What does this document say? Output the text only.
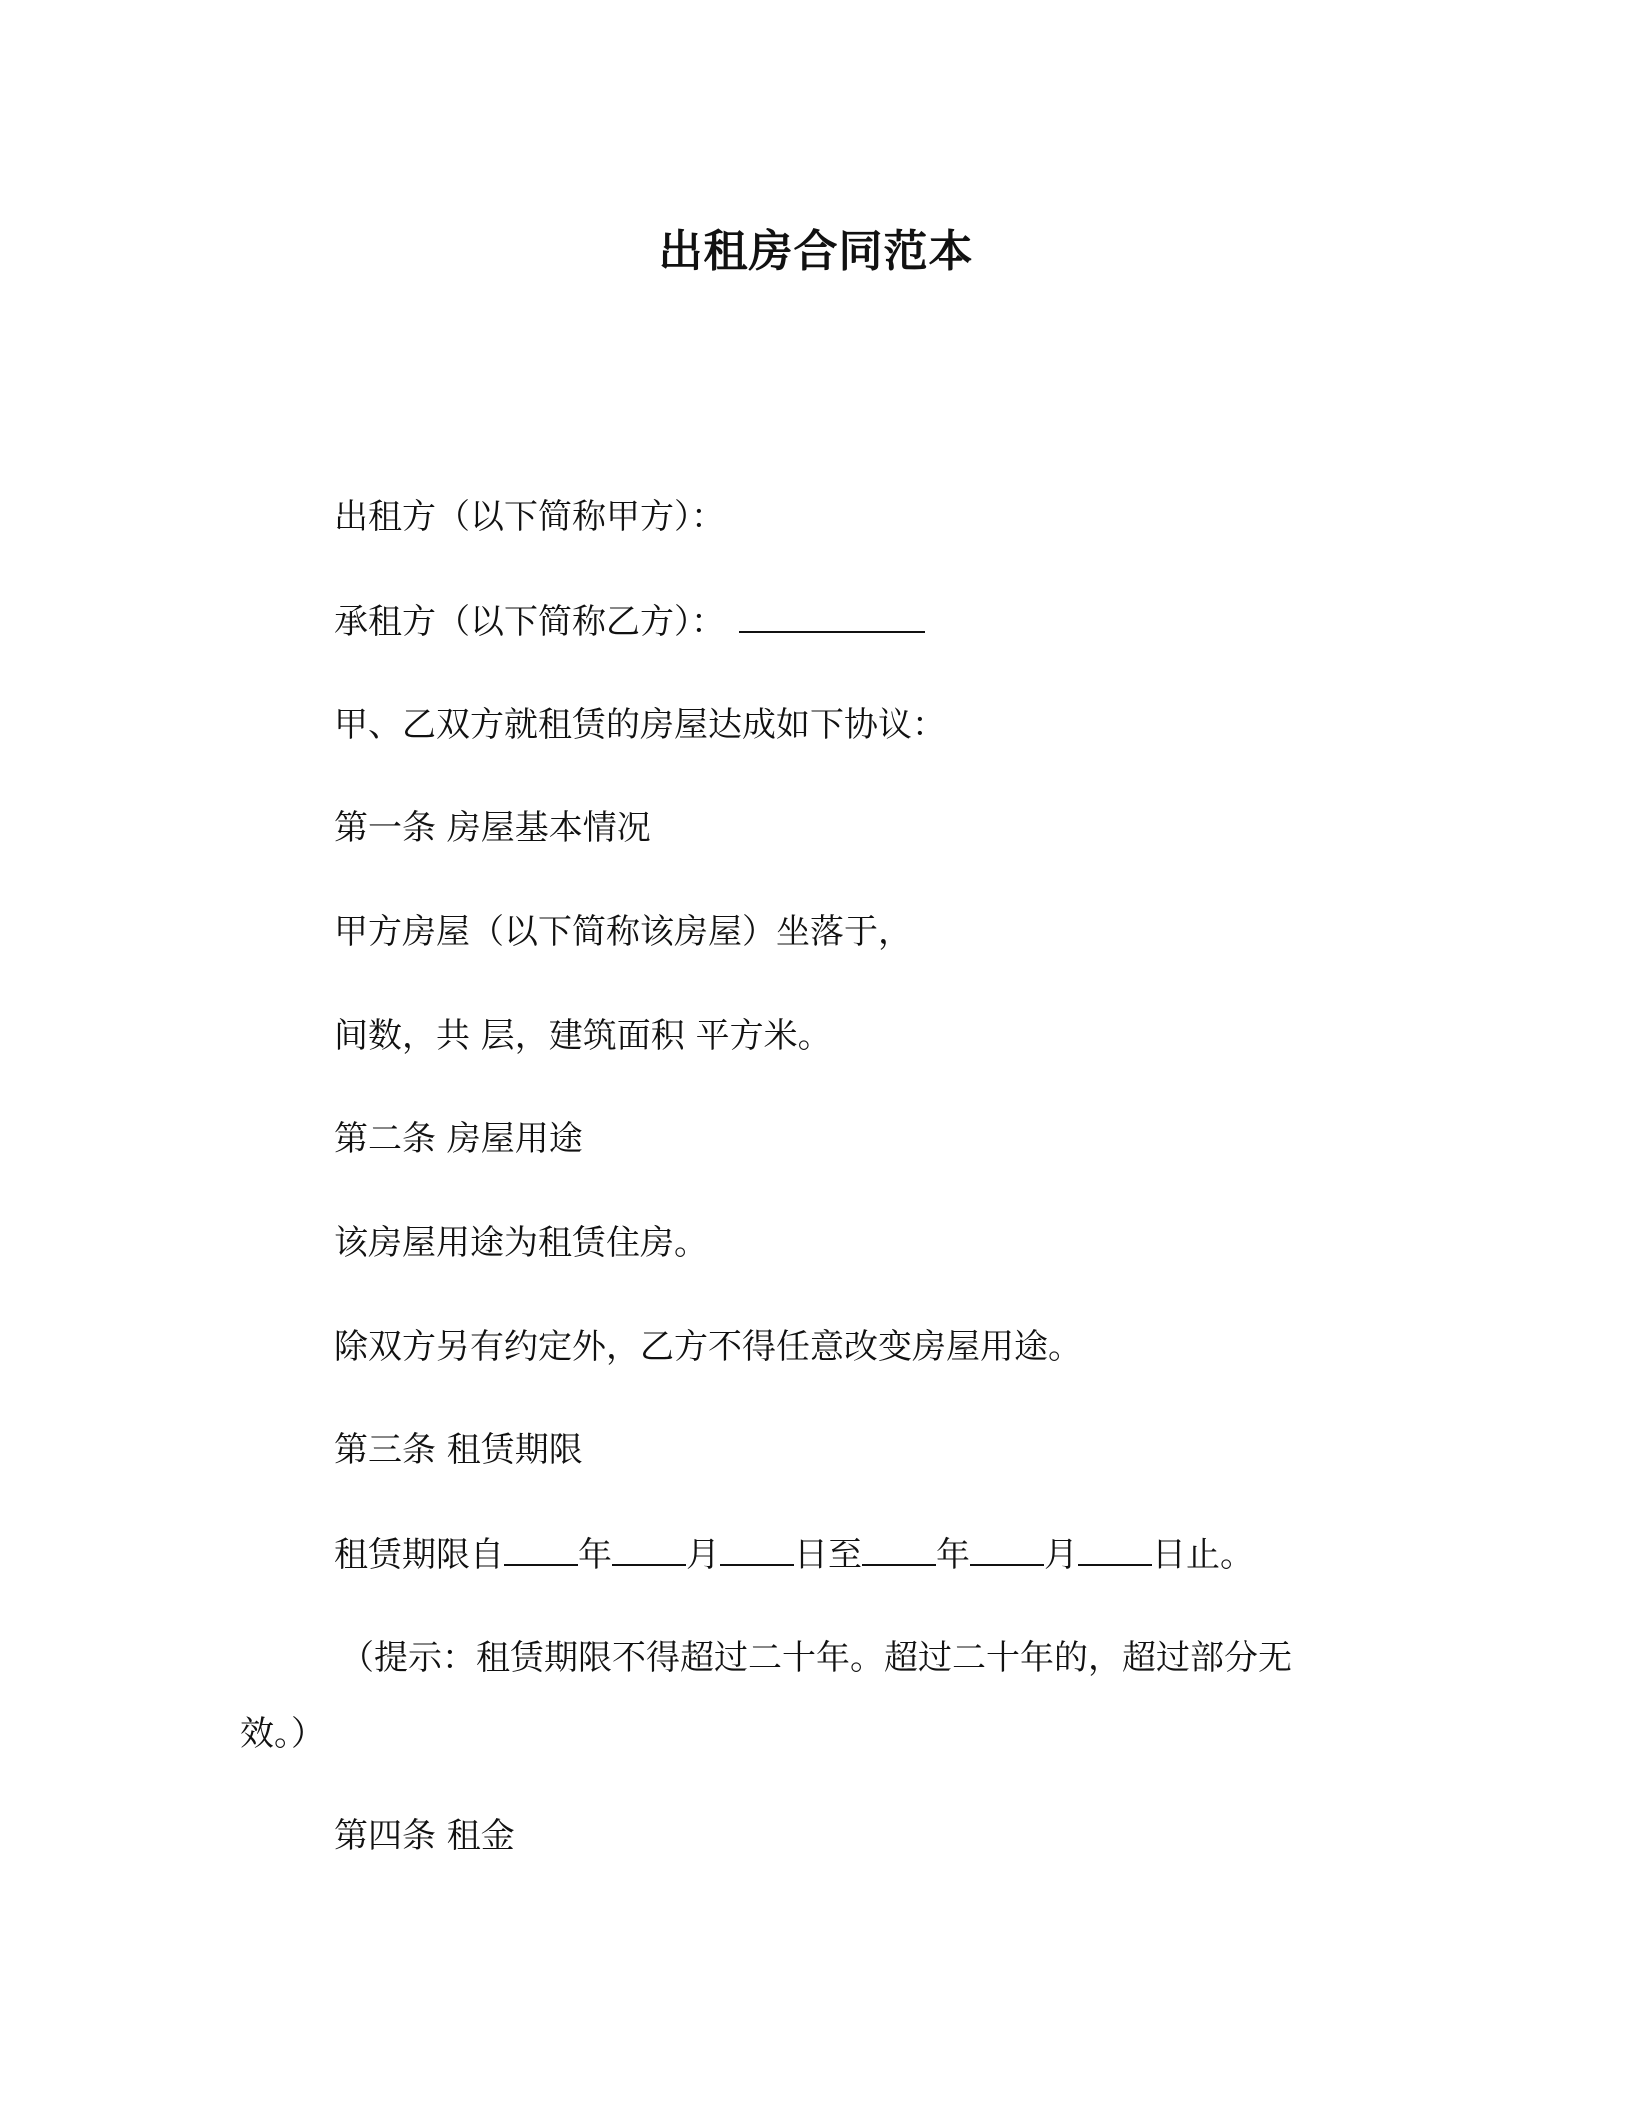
出租房合同范本
出租方（以下简称甲方）：
承租方（以下简称乙方）：
甲、乙双方就租赁的房屋达成如下协议：
第一条 房屋基本情况
甲方房屋（以下简称该房屋）坐落于，
间数，共 层，建筑面积 平方米。
第二条 房屋用途
该房屋用途为租赁住房。
除双方另有约定外，乙方不得任意改变房屋用途。
第三条 租赁期限
租赁期限自 年 月 日至 年 月 日止。
（提示：租赁期限不得超过二十年。超过二十年的，超过部分无
效。）
第四条 租金
